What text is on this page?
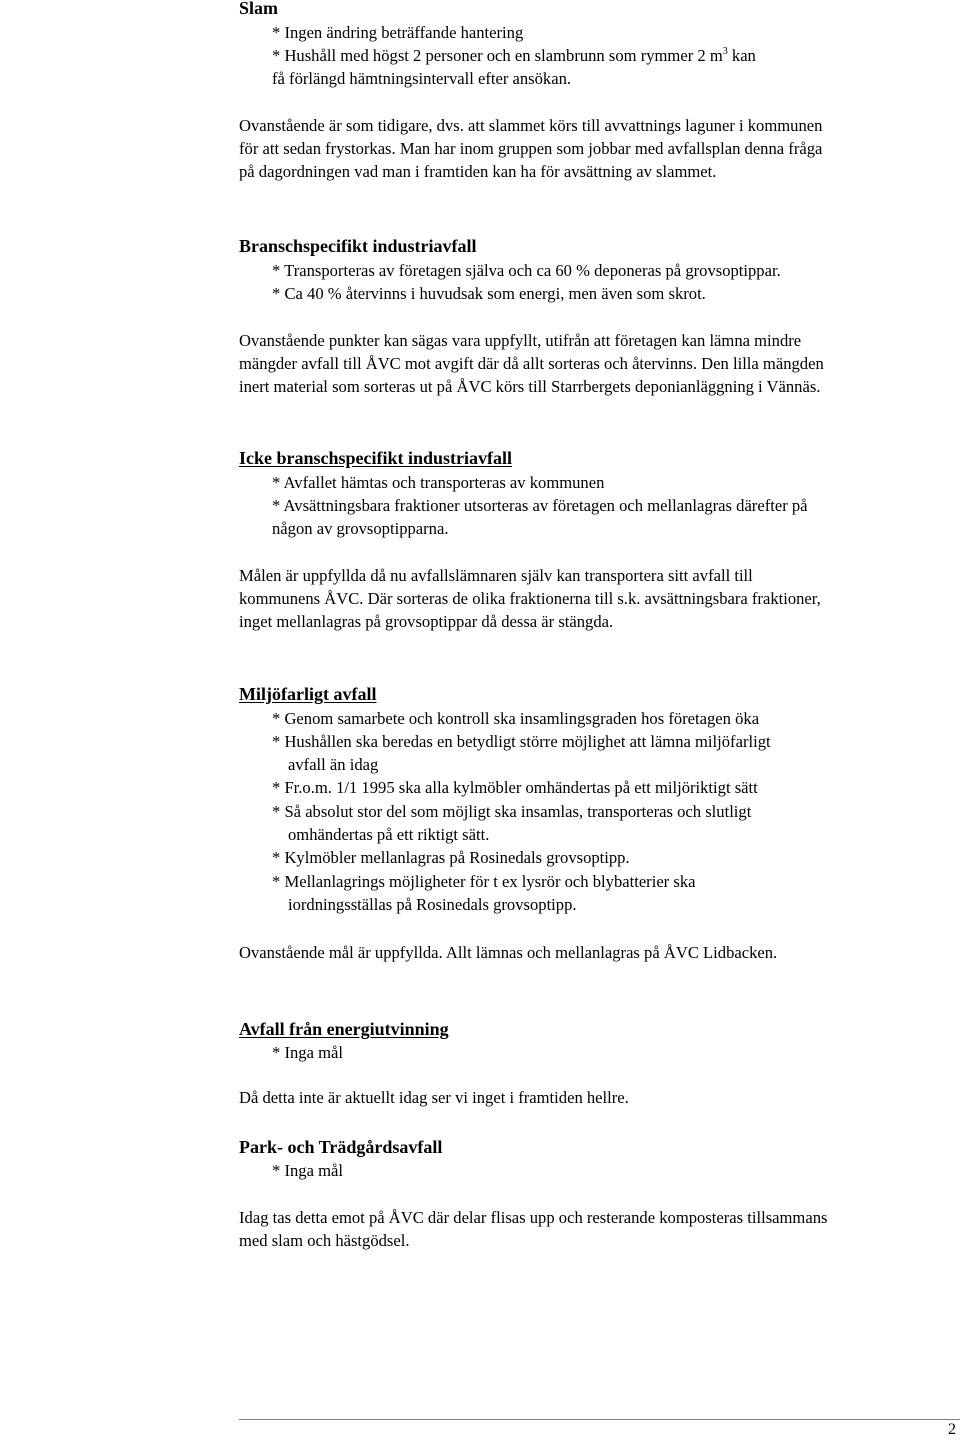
Slam
* Ingen ändring beträffande hantering
* Hushåll med högst 2 personer och en slambrunn som rymmer 2 $m^3$ kan
få förlängd hämtningsintervall efter ansökan.
Ovanstående är som tidigare, dvs. att slammet körs till avvattnings laguner i kommunen
för att sedan frystorkas. Man har inom gruppen som jobbar med avfallsplan denna fråga
på dagordningen vad man i framtiden kan ha för avsättning av slammet.
Branschspecifikt industriavfall
* Transporteras av företagen själva och ca 60 % deponeras på grovsoptippar.
* Ca 40 % återvinns i huvudsak som energi, men även som skrot.
Ovanstående punkter kan sägas vara uppfyllt, utifrån att företagen kan lämna mindre
mängder avfall till ÅVC mot avgift där då allt sorteras och återvinns. Den lilla mängden
inert material som sorteras ut på ÅVC körs till Starrbergets deponianläggning i Vännäs.
Icke branschspecifikt industriavfall
* Avfallet hämtas och transporteras av kommunen
* Avsättningsbara fraktioner utsorteras av företagen och mellanlagras därefter på
någon av grovsoptipparna.
Målen är uppfyllda då nu avfallslämnaren själv kan transportera sitt avfall till
kommunens ÅVC. Där sorteras de olika fraktionerna till s.k. avsättningsbara fraktioner,
inget mellanlagras på grovsoptippar då dessa är stängda.
Miljöfarligt avfall
* Genom samarbete och kontroll ska insamlingsgraden hos företagen öka
* Hushållen ska beredas en betydligt större möjlighet att lämna miljöfarligt
avfall än idag
* Fr.o.m. 1/1 1995 ska alla kylmöbler omhändertas på ett miljöriktigt sätt
* Så absolut stor del som möjligt ska insamlas, transporteras och slutligt
omhändertas på ett riktigt sätt.
* Kylmöbler mellanlagras på Rosinedals grovsoptipp.
* Mellanlagrings möjligheter för t ex lysrör och blybatterier ska
iordningsställas på Rosinedals grovsoptipp.
Ovanstående mål är uppfyllda. Allt lämnas och mellanlagras på ÅVC Lidbacken.
Avfall från energiutvinning
* Inga mål
Då detta inte är aktuellt idag ser vi inget i framtiden hellre.
Park- och Trädgårdsavfall
* Inga mål
Idag tas detta emot på ÅVC där delar flisas upp och resterande komposteras tillsammans
med slam och hästgödsel.
2
